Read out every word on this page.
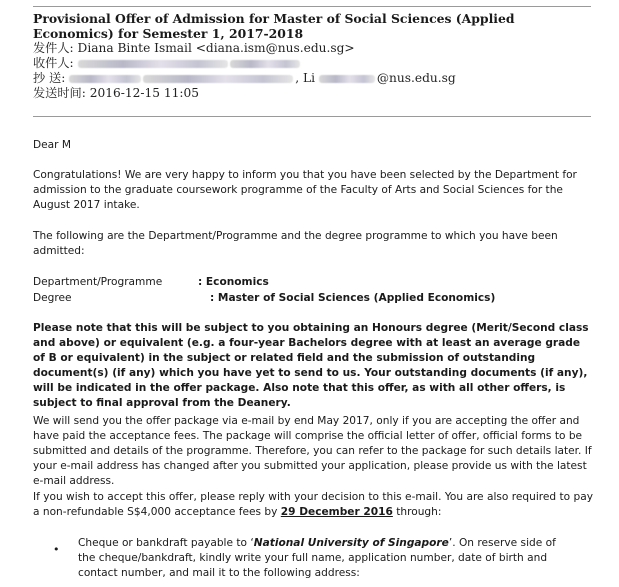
Provisional Offer of Admission for Master of Social Sciences (Applied Economics) for Semester 1, 2017-2018
发件人: Diana Binte Ismail <diana.ism@nus.edu.sg>
收件人:
抄 送:	, Li	@nus.edu.sg
发送时间: 2016-12-15 11:05
Dear M
Congratulations! We are very happy to inform you that you have been selected by the Department for admission to the graduate coursework programme of the Faculty of Arts and Social Sciences for the August 2017 intake.
The following are the Department/Programme and the degree programme to which you have been admitted:
Department/Programme	: Economics
Degree	: Master of Social Sciences (Applied Economics)
Please note that this will be subject to you obtaining an Honours degree (Merit/Second class and above) or equivalent (e.g. a four-year Bachelors degree with at least an average grade of B or equivalent) in the subject or related field and the submission of outstanding document(s) (if any) which you have yet to send to us. Your outstanding documents (if any), will be indicated in the offer package. Also note that this offer, as with all other offers, is subject to final approval from the Deanery.
We will send you the offer package via e-mail by end May 2017, only if you are accepting the offer and have paid the acceptance fees. The package will comprise the official letter of offer, official forms to be submitted and details of the programme. Therefore, you can refer to the package for such details later. If your e-mail address has changed after you submitted your application, please provide us with the latest e-mail address.
If you wish to accept this offer, please reply with your decision to this e-mail. You are also required to pay a non-refundable S$4,000 acceptance fees by 29 December 2016 through:
• Cheque or bankdraft payable to ‘National University of Singapore’. On reserve side of the cheque/bankdraft, kindly write your full name, application number, date of birth and contact number, and mail it to the following address:
